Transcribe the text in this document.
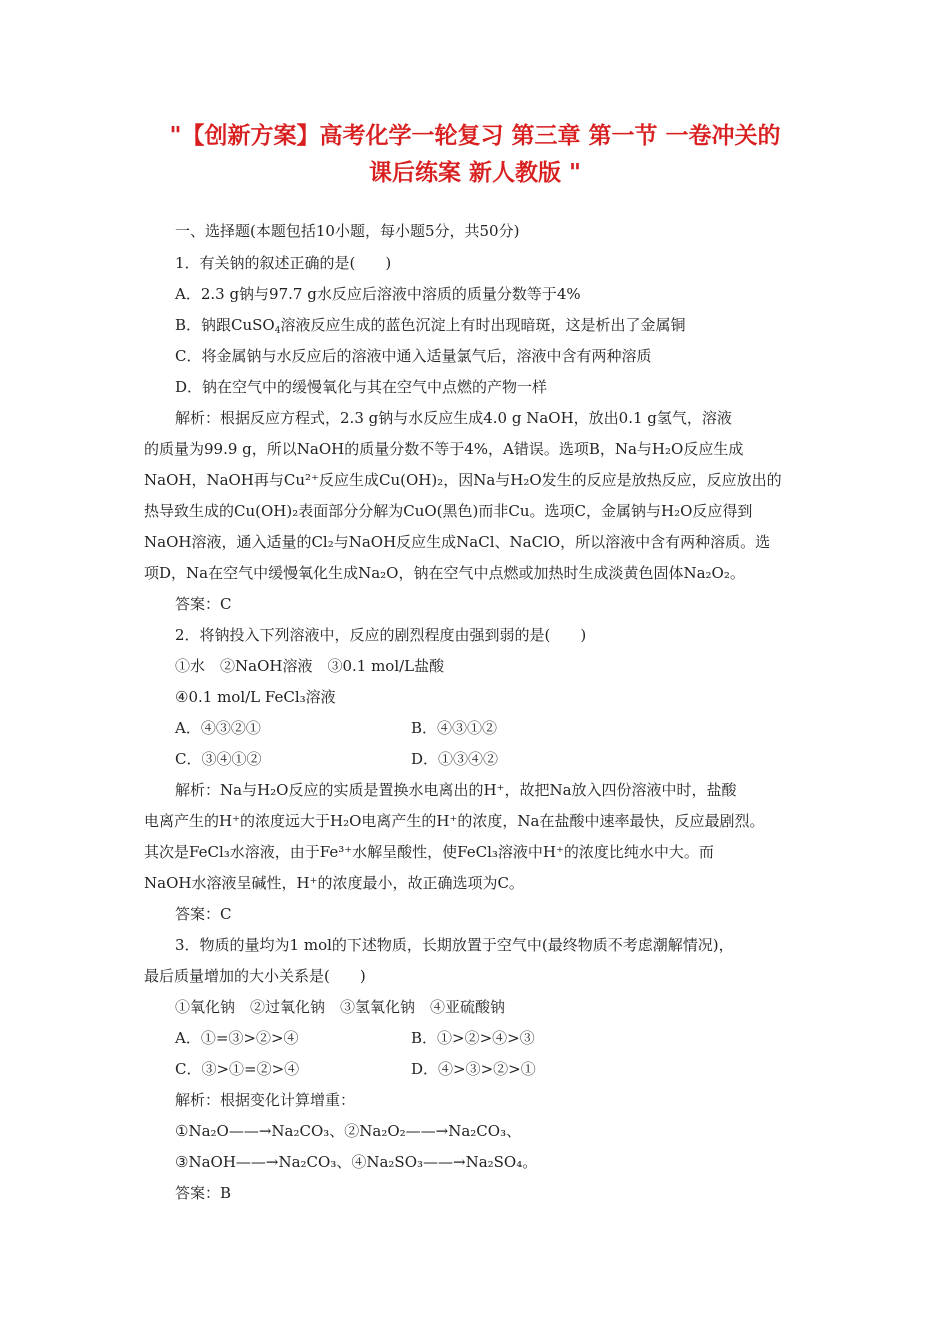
"【创新方案】高考化学一轮复习 第三章 第一节 一卷冲关的
课后练案 新人教版 "
一、选择题(本题包括10小题，每小题5分，共50分)
1．有关钠的叙述正确的是(　　)
A．2.3 g钠与97.7 g水反应后溶液中溶质的质量分数等于4%
B．钠跟CuSO$_4$溶液反应生成的蓝色沉淀上有时出现暗斑，这是析出了金属铜
C．将金属钠与水反应后的溶液中通入适量氯气后，溶液中含有两种溶质
D．钠在空气中的缓慢氧化与其在空气中点燃的产物一样
解析：根据反应方程式，2.3 g钠与水反应生成4.0 g NaOH，放出0.1 g氢气，溶液
的质量为99.9 g，所以NaOH的质量分数不等于4%，A错误。选项B，Na与H₂O反应生成
NaOH，NaOH再与Cu²⁺反应生成Cu(OH)₂，因Na与H₂O发生的反应是放热反应，反应放出的
热导致生成的Cu(OH)₂表面部分分解为CuO(黑色)而非Cu。选项C，金属钠与H₂O反应得到
NaOH溶液，通入适量的Cl₂与NaOH反应生成NaCl、NaClO，所以溶液中含有两种溶质。选
项D，Na在空气中缓慢氧化生成Na₂O，钠在空气中点燃或加热时生成淡黄色固体Na₂O₂。
答案：C
2．将钠投入下列溶液中，反应的剧烈程度由强到弱的是(　　)
①水　②NaOH溶液　③0.1 mol/L盐酸
④0.1 mol/L FeCl₃溶液
A．④③②①	B．④③①②
C．③④①②	D．①③④②
解析：Na与H₂O反应的实质是置换水电离出的H⁺，故把Na放入四份溶液中时，盐酸
电离产生的H⁺的浓度远大于H₂O电离产生的H⁺的浓度，Na在盐酸中速率最快，反应最剧烈。
其次是FeCl₃水溶液，由于Fe³⁺水解呈酸性，使FeCl₃溶液中H⁺的浓度比纯水中大。而
NaOH水溶液呈碱性，H⁺的浓度最小，故正确选项为C。
答案：C
3．物质的量均为1 mol的下述物质，长期放置于空气中(最终物质不考虑潮解情况)，
最后质量增加的大小关系是(　　)
①氧化钠　②过氧化钠　③氢氧化钠　④亚硫酸钠
A．①=③>②>④	B．①>②>④>③
C．③>①=②>④	D．④>③>②>①
解析：根据变化计算增重：
①Na₂O——→Na₂CO₃、②Na₂O₂——→Na₂CO₃、
③NaOH——→Na₂CO₃、④Na₂SO₃——→Na₂SO₄。
答案：B
